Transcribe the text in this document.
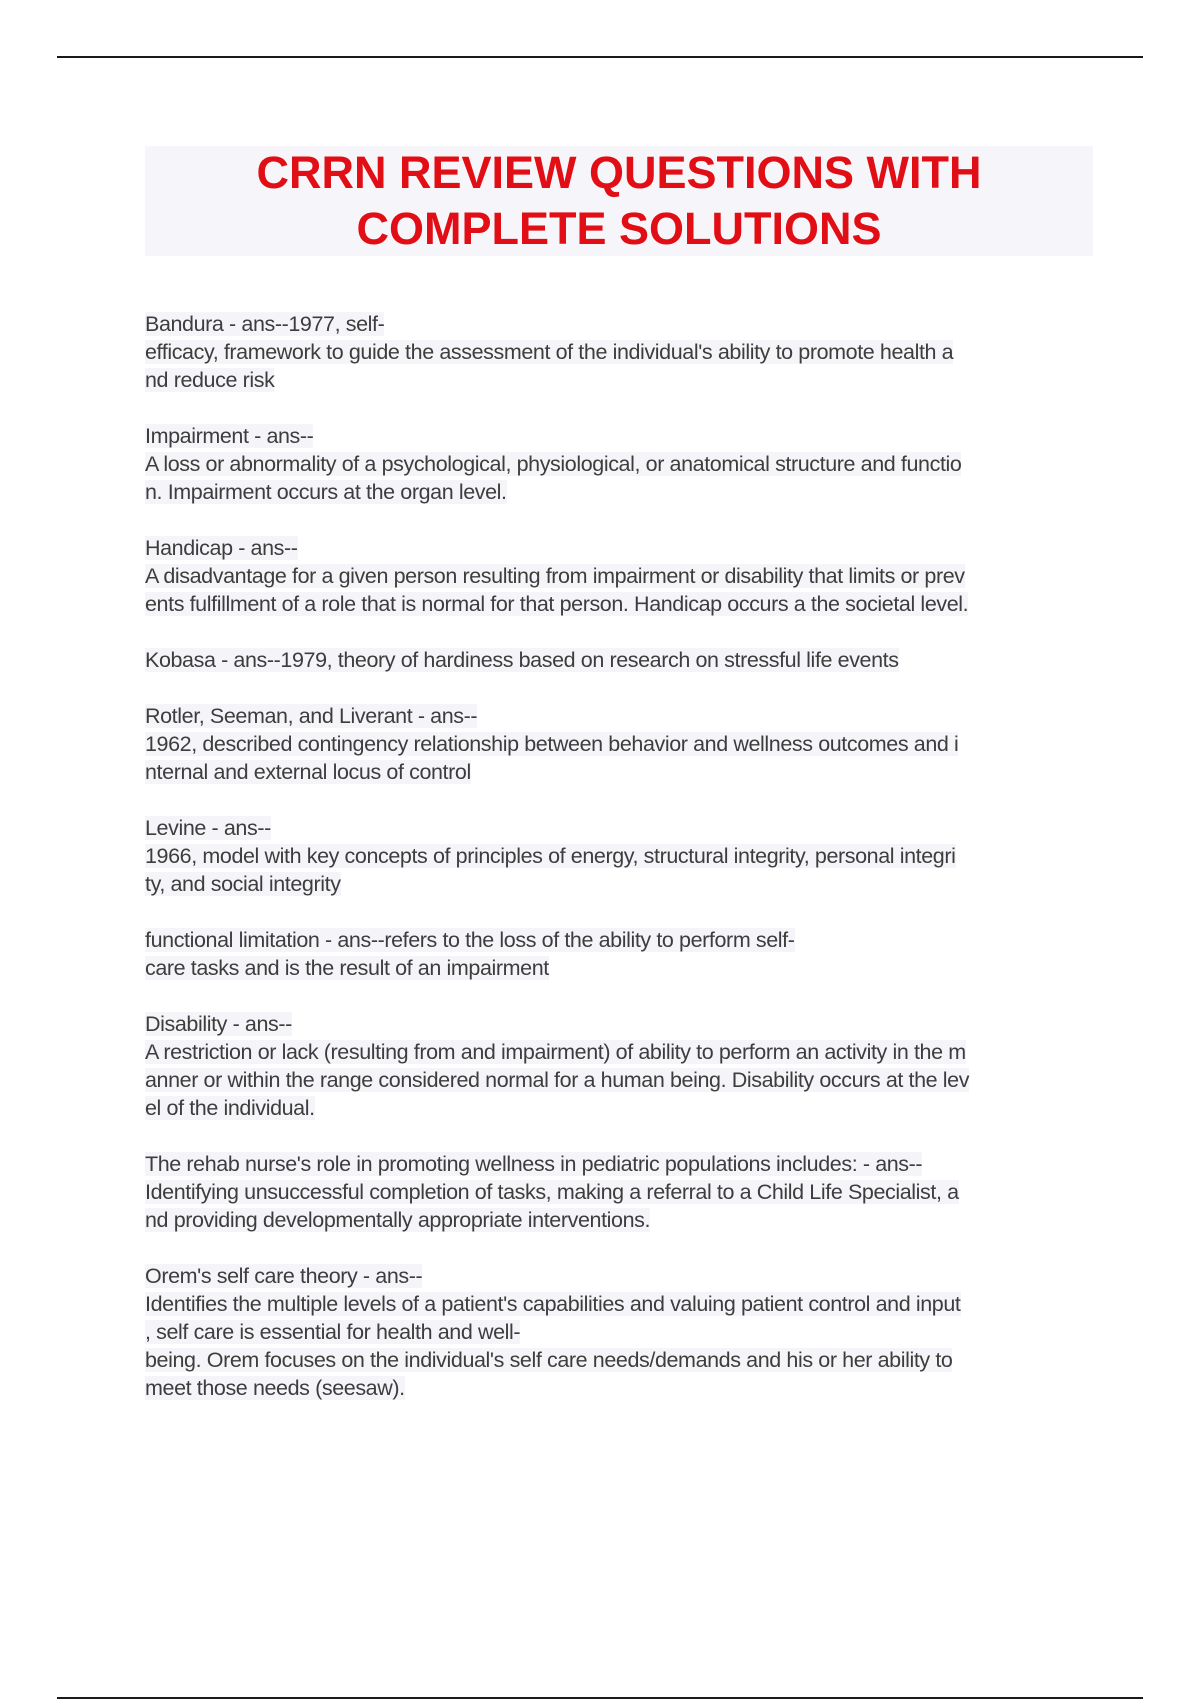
CRRN REVIEW QUESTIONS WITH
COMPLETE SOLUTIONS
Bandura - ans--1977, self-
efficacy, framework to guide the assessment of the individual's ability to promote health a
nd reduce risk
Impairment - ans--
A loss or abnormality of a psychological, physiological, or anatomical structure and functio
n. Impairment occurs at the organ level.
Handicap - ans--
A disadvantage for a given person resulting from impairment or disability that limits or prev
ents fulfillment of a role that is normal for that person. Handicap occurs a the societal level.
Kobasa - ans--1979, theory of hardiness based on research on stressful life events
Rotler, Seeman, and Liverant - ans--
1962, described contingency relationship between behavior and wellness outcomes and i
nternal and external locus of control
Levine - ans--
1966, model with key concepts of principles of energy, structural integrity, personal integri
ty, and social integrity
functional limitation - ans--refers to the loss of the ability to perform self-
care tasks and is the result of an impairment
Disability - ans--
A restriction or lack (resulting from and impairment) of ability to perform an activity in the m
anner or within the range considered normal for a human being. Disability occurs at the lev
el of the individual.
The rehab nurse's role in promoting wellness in pediatric populations includes: - ans--
Identifying unsuccessful completion of tasks, making a referral to a Child Life Specialist, a
nd providing developmentally appropriate interventions.
Orem's self care theory - ans--
Identifies the multiple levels of a patient's capabilities and valuing patient control and input
, self care is essential for health and well-
being. Orem focuses on the individual's self care needs/demands and his or her ability to
meet those needs (seesaw).
